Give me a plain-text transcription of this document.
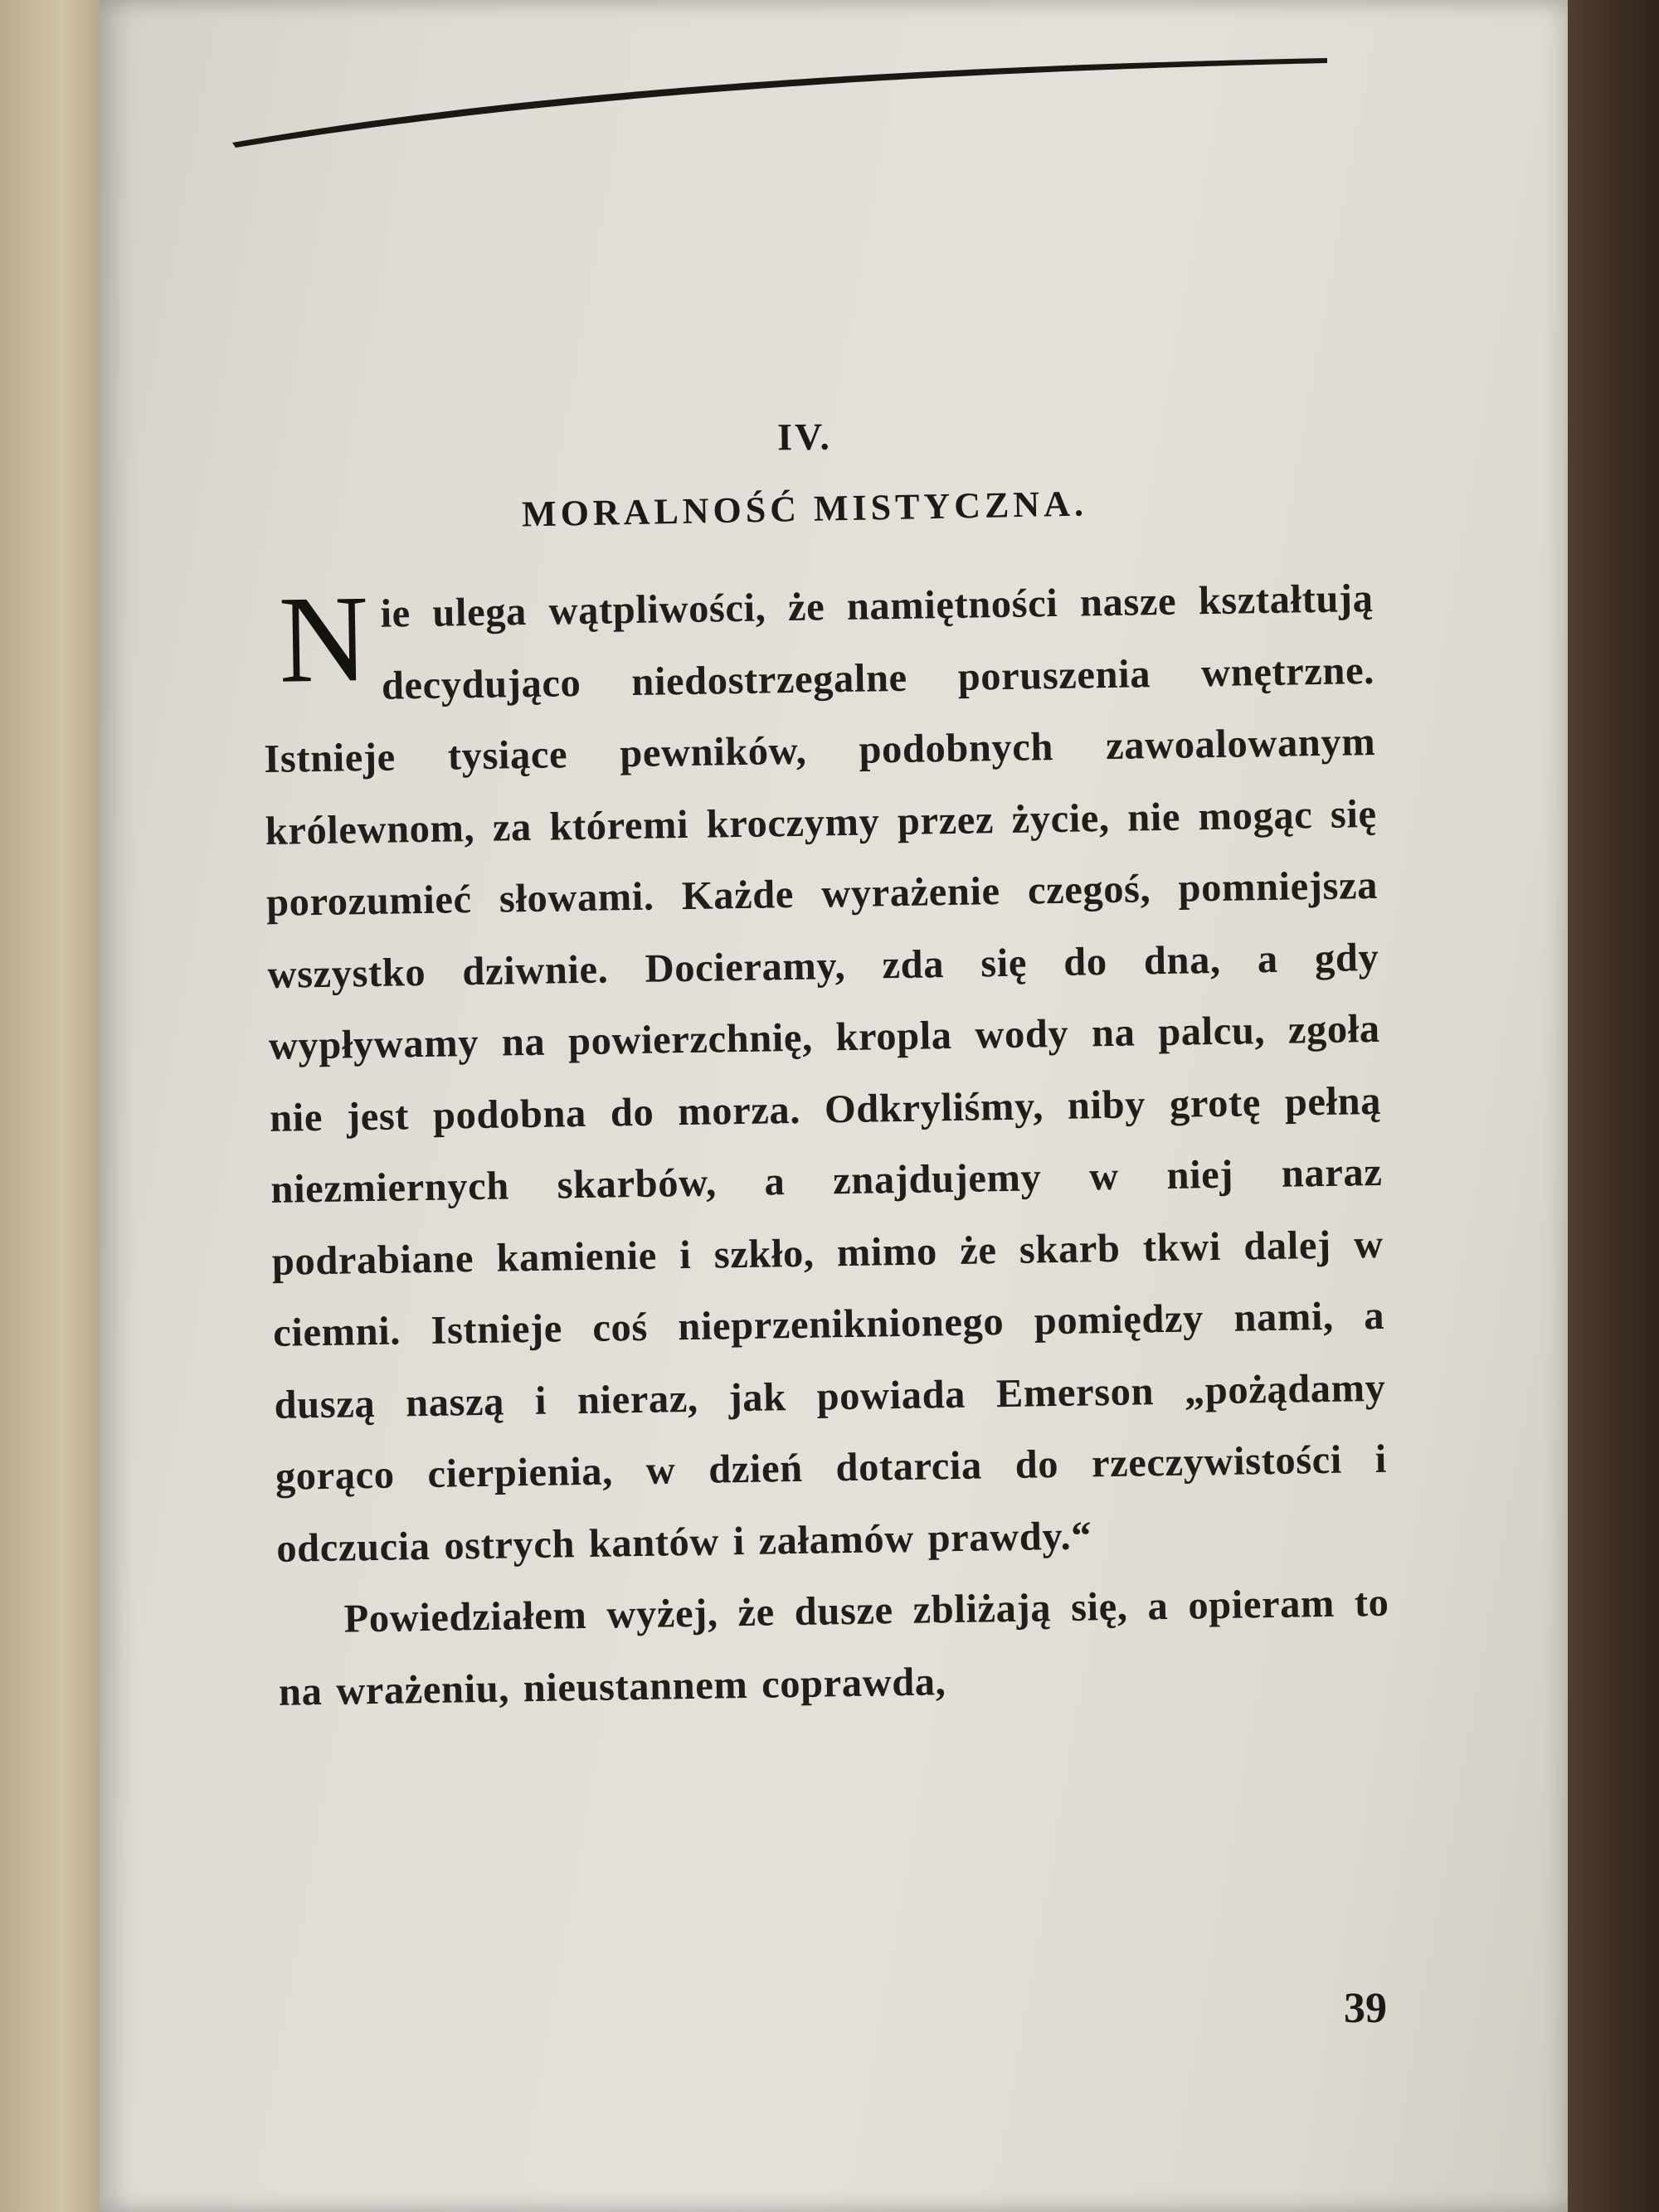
IV.
MORALNOŚĆ MISTYCZNA.

Nie ulega wątpliwości, że namiętności nasze kształtują decydująco niedostrzegalne poruszenia wnętrzne. Istnieje tysiące pewników, podobnych zawoalowanym królewnom, za któremi kroczymy przez życie, nie mogąc się porozumieć słowami. Każde wyrażenie czegoś, pomniejsza wszystko dziwnie. Docieramy, zda się do dna, a gdy wypływamy na powierzchnię, kropla wody na palcu, zgoła nie jest podobna do morza. Odkryliśmy, niby grotę pełną niezmiernych skarbów, a znajdujemy w niej naraz podrabiane kamienie i szkło, mimo że skarb tkwi dalej w ciemni. Istnieje coś nieprzeniknionego pomiędzy nami, a duszą naszą i nieraz, jak powiada Emerson „pożądamy gorąco cierpienia, w dzień dotarcia do rzeczywistości i odczucia ostrych kantów i załamów prawdy.“

Powiedziałem wyżej, że dusze zbliżają się, a opieram to na wrażeniu, nieustannem coprawda,

39
